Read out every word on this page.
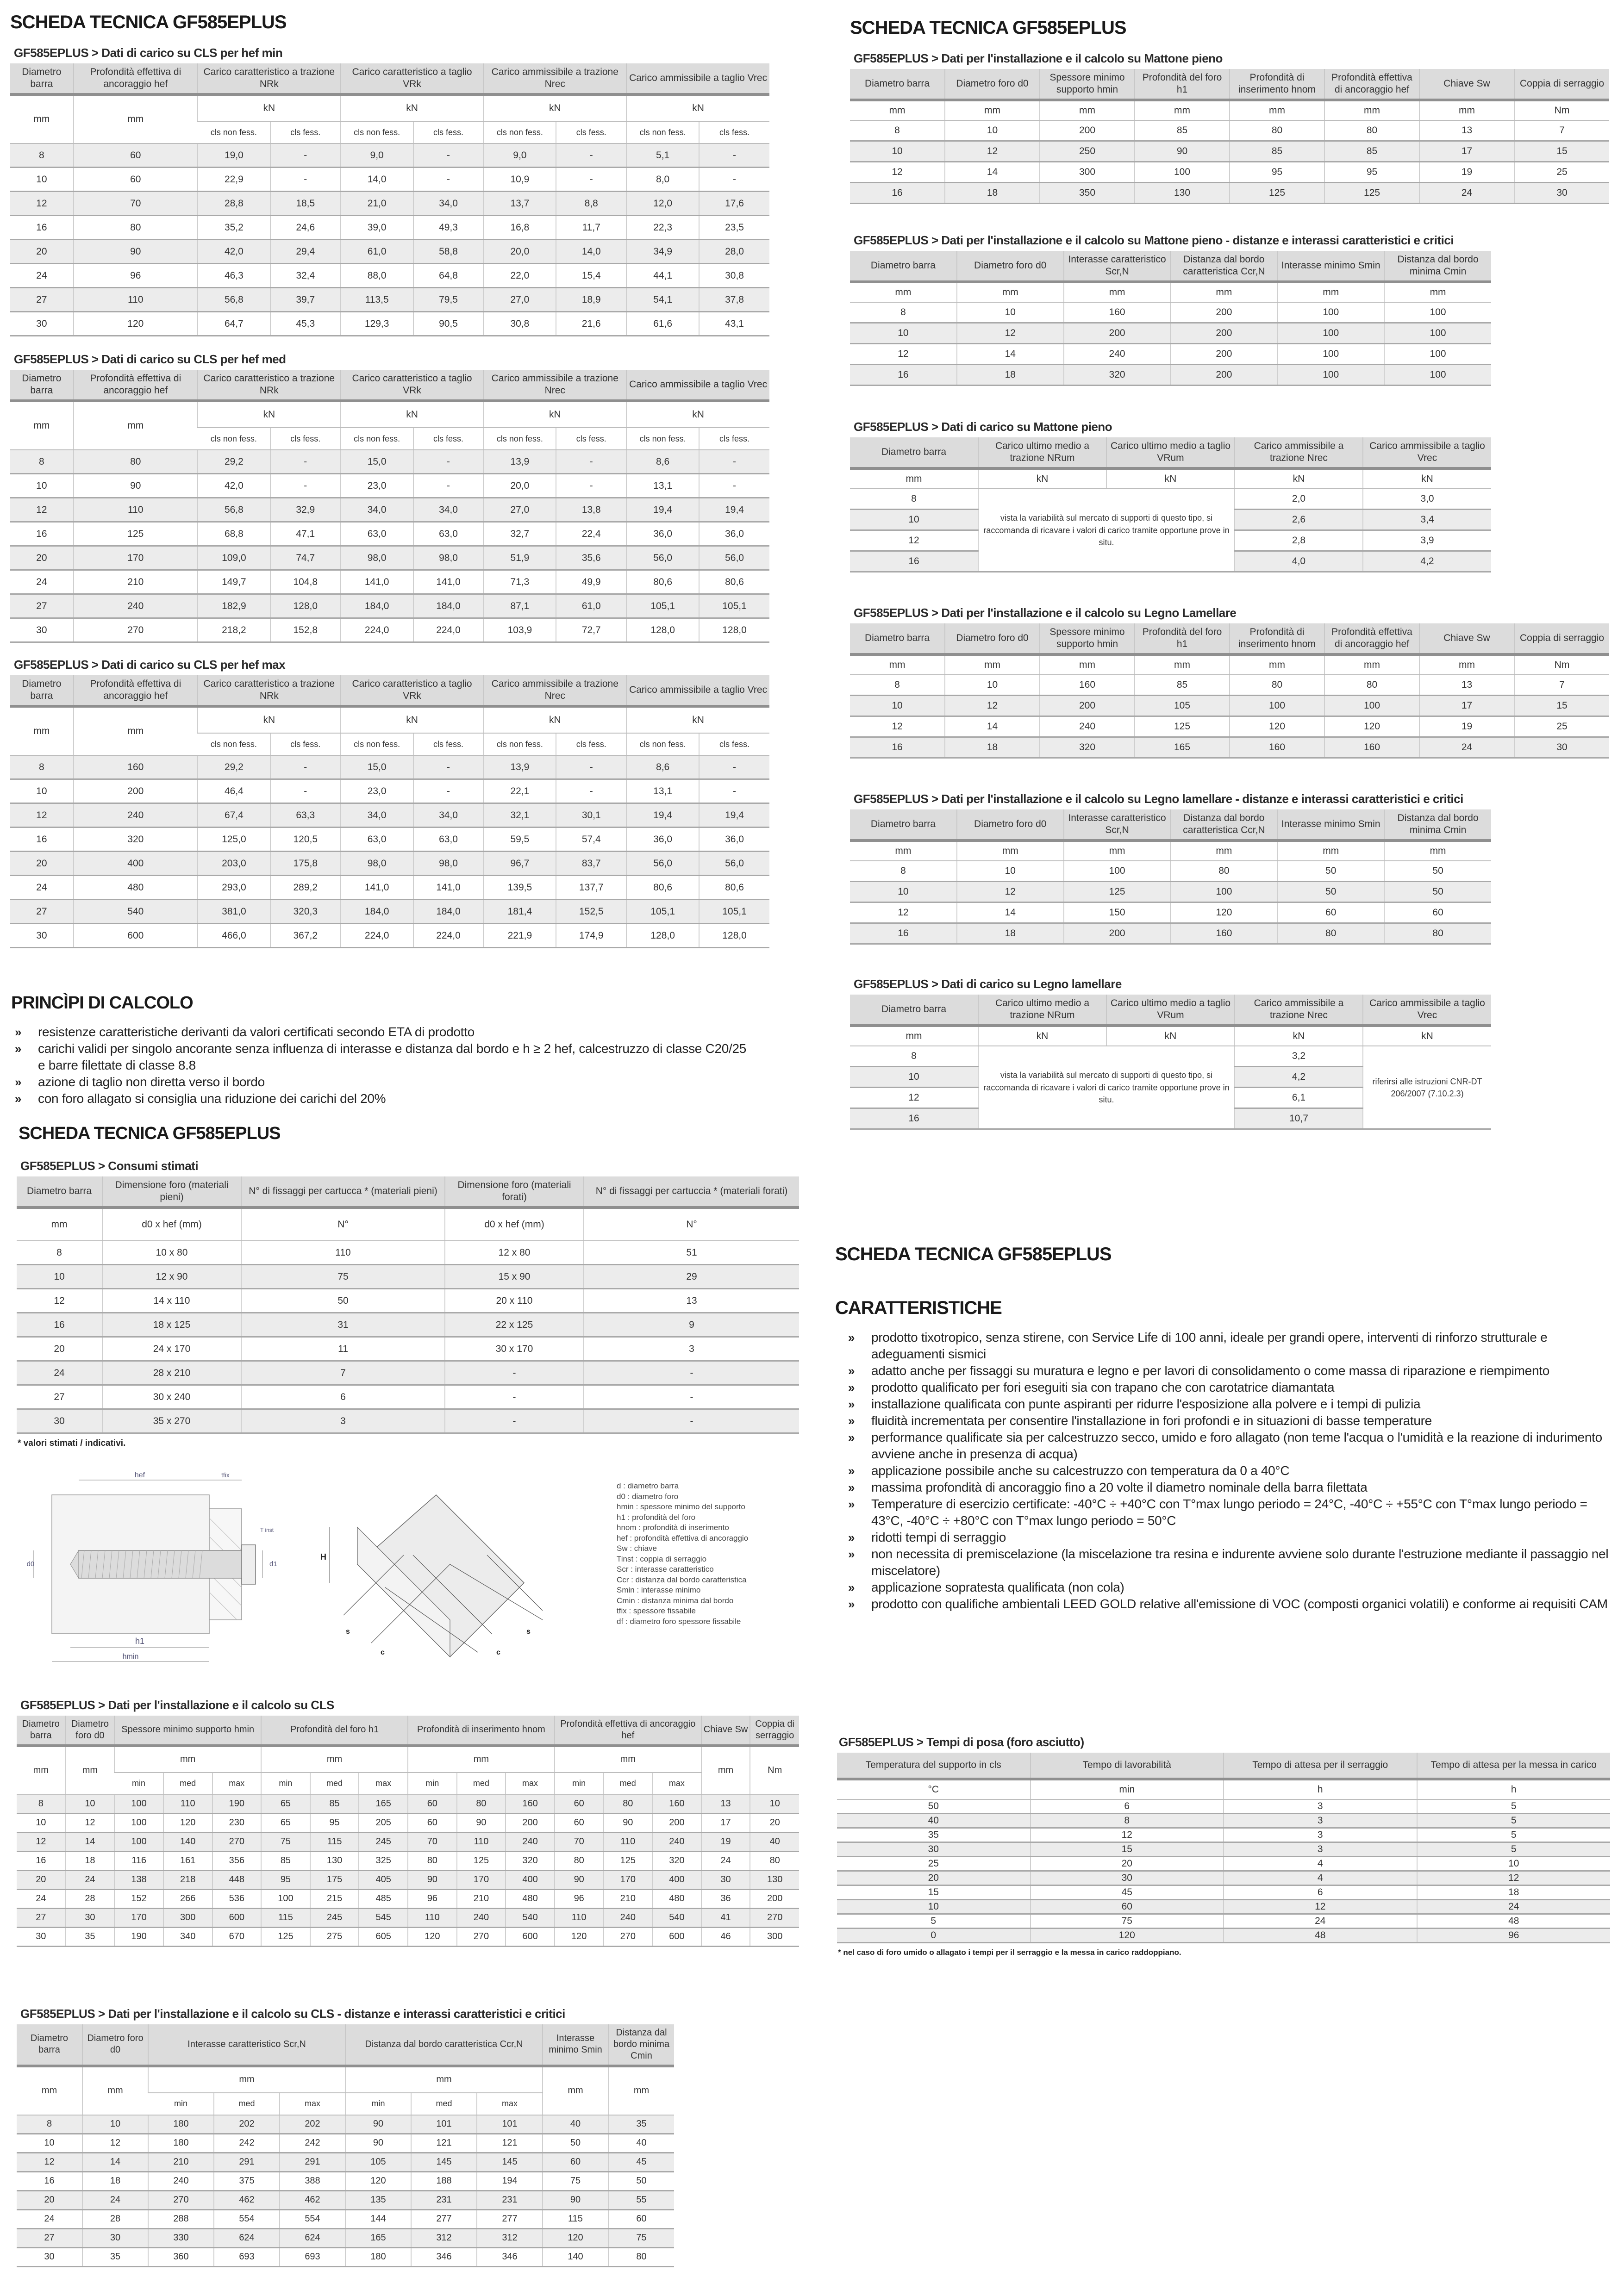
SCHEDA TECNICA GF585EPLUS

GF585EPLUS > Dati di carico su CLS per hef min

Diametro barra	Profondità effettiva di ancoraggio hef	Carico caratteristico a trazione NRk		Carico caratteristico a taglio VRk		Carico ammissibile a trazione Nrec		Carico ammissibile a taglio Vrec	
mm	mm	kN		kN		kN		kN	
		cls non fess.	cls fess.	cls non fess.	cls fess.	cls non fess.	cls fess.	cls non fess.	cls fess.
8	60	19,0	-	9,0	-	9,0	-	5,1	-
10	60	22,9	-	14,0	-	10,9	-	8,0	-
12	70	28,8	18,5	21,0	34,0	13,7	8,8	12,0	17,6
16	80	35,2	24,6	39,0	49,3	16,8	11,7	22,3	23,5
20	90	42,0	29,4	61,0	58,8	20,0	14,0	34,9	28,0
24	96	46,3	32,4	88,0	64,8	22,0	15,4	44,1	30,8
27	110	56,8	39,7	113,5	79,5	27,0	18,9	54,1	37,8
30	120	64,7	45,3	129,3	90,5	30,8	21,6	61,6	43,1

GF585EPLUS > Dati di carico su CLS per hef med

Diametro barra	Profondità effettiva di ancoraggio hef	Carico caratteristico a trazione NRk		Carico caratteristico a taglio VRk		Carico ammissibile a trazione Nrec		Carico ammissibile a taglio Vrec	
mm	mm	kN		kN		kN		kN	
		cls non fess.	cls fess.	cls non fess.	cls fess.	cls non fess.	cls fess.	cls non fess.	cls fess.
8	80	29,2	-	15,0	-	13,9	-	8,6	-
10	90	42,0	-	23,0	-	20,0	-	13,1	-
12	110	56,8	32,9	34,0	34,0	27,0	13,8	19,4	19,4
16	125	68,8	47,1	63,0	63,0	32,7	22,4	36,0	36,0
20	170	109,0	74,7	98,0	98,0	51,9	35,6	56,0	56,0
24	210	149,7	104,8	141,0	141,0	71,3	49,9	80,6	80,6
27	240	182,9	128,0	184,0	184,0	87,1	61,0	105,1	105,1
30	270	218,2	152,8	224,0	224,0	103,9	72,7	128,0	128,0

GF585EPLUS > Dati di carico su CLS per hef max

Diametro barra	Profondità effettiva di ancoraggio hef	Carico caratteristico a trazione NRk		Carico caratteristico a taglio VRk		Carico ammissibile a trazione Nrec		Carico ammissibile a taglio Vrec	
mm	mm	kN		kN		kN		kN	
		cls non fess.	cls fess.	cls non fess.	cls fess.	cls non fess.	cls fess.	cls non fess.	cls fess.
8	160	29,2	-	15,0	-	13,9	-	8,6	-
10	200	46,4	-	23,0	-	22,1	-	13,1	-
12	240	67,4	63,3	34,0	34,0	32,1	30,1	19,4	19,4
16	320	125,0	120,5	63,0	63,0	59,5	57,4	36,0	36,0
20	400	203,0	175,8	98,0	98,0	96,7	83,7	56,0	56,0
24	480	293,0	289,2	141,0	141,0	139,5	137,7	80,6	80,6
27	540	381,0	320,3	184,0	184,0	181,4	152,5	105,1	105,1
30	600	466,0	367,2	224,0	224,0	221,9	174,9	128,0	128,0
PRINCÌPI DI CALCOLO
» resistenze caratteristiche derivanti da valori certificati secondo ETA di prodotto
» carichi validi per singolo ancorante senza influenza di interasse e distanza dal bordo e h ≥ 2 hef, calcestruzzo di classe C20/25 e barre filettate di classe 8.8
» azione di taglio non diretta verso il bordo
» con foro allagato si consiglia una riduzione dei carichi del 20%
SCHEDA TECNICA GF585EPLUS

GF585EPLUS > Consumi stimati

Diametro barra	Dimensione foro (materiali pieni)	N° di fissaggi per cartucca * (materiali pieni)	Dimensione foro (materiali forati)	N° di fissaggi per cartuccia * (materiali forati)
mm	d0 x hef (mm)	N°	d0 x hef (mm)	N°
8	10 x 80	110	12 x 80	51
10	12 x 90	75	15 x 90	29
12	14 x 110	50	20 x 110	13
16	18 x 125	31	22 x 125	9
20	24 x 170	11	30 x 170	3
24	28 x 210	7	-	-
27	30 x 240	6	-	-
30	35 x 270	3	-	-
* valori stimati / indicativi.
hef	tfix
T inst
d0	d1
h1
hmin
H
s
c
s
c
d : diametro barra
d0 : diametro foro
hmin : spessore minimo del supporto
h1 : profondità del foro
hnom : profondità di inserimento
hef : profondità effettiva di ancoraggio
Sw : chiave
Tinst : coppia di serraggio
Scr : interasse caratteristico
Ccr : distanza dal bordo caratteristica
Smin : interasse minimo
Cmin : distanza minima dal bordo
tfix : spessore fissabile
df : diametro foro spessore fissabile

GF585EPLUS > Dati per l'installazione e il calcolo su CLS

Diametro barra	Diametro foro d0	Spessore minimo supporto hmin			Profondità del foro h1			Profondità di inserimento hnom			Profondità effettiva di ancoraggio hef			Chiave Sw	Coppia di serraggio
mm	mm	mm			mm			mm			mm			mm	Nm
		min	med	max	min	med	max	min	med	max	min	med	max		
8	10	100	110	190	65	85	165	60	80	160	60	80	160	13	10
10	12	100	120	230	65	95	205	60	90	200	60	90	200	17	20
12	14	100	140	270	75	115	245	70	110	240	70	110	240	19	40
16	18	116	161	356	85	130	325	80	125	320	80	125	320	24	80
20	24	138	218	448	95	175	405	90	170	400	90	170	400	30	130
24	28	152	266	536	100	215	485	96	210	480	96	210	480	36	200
27	30	170	300	600	115	245	545	110	240	540	110	240	540	41	270
30	35	190	340	670	125	275	605	120	270	600	120	270	600	46	300

GF585EPLUS > Dati per l'installazione e il calcolo su CLS - distanze e interassi caratteristici e critici

Diametro barra	Diametro foro d0	Interasse caratteristico Scr,N			Distanza dal bordo caratteristica Ccr,N			Interasse minimo Smin	Distanza dal bordo minima Cmin
mm	mm	mm			mm			mm	mm
		min	med	max	min	med	max		
8	10	180	202	202	90	101	101	40	35
10	12	180	242	242	90	121	121	50	40
12	14	210	291	291	105	145	145	60	45
16	18	240	375	388	120	188	194	75	50
20	24	270	462	462	135	231	231	90	55
24	28	288	554	554	144	277	277	115	60
27	30	330	624	624	165	312	312	120	75
30	35	360	693	693	180	346	346	140	80
SCHEDA TECNICA GF585EPLUS

GF585EPLUS > Dati per l'installazione e il calcolo su Mattone pieno

Diametro barra	Diametro foro d0	Spessore minimo supporto hmin	Profondità del foro h1	Profondità di inserimento hnom	Profondità effettiva di ancoraggio hef	Chiave Sw	Coppia di serraggio
mm	mm	mm	mm	mm	mm	mm	Nm
8	10	200	85	80	80	13	7
10	12	250	90	85	85	17	15
12	14	300	100	95	95	19	25
16	18	350	130	125	125	24	30

GF585EPLUS > Dati per l'installazione e il calcolo su Mattone pieno - distanze e interassi caratteristici e critici

Diametro barra	Diametro foro d0	Interasse caratteristico Scr,N	Distanza dal bordo caratteristica Ccr,N	Interasse minimo Smin	Distanza dal bordo minima Cmin
mm	mm	mm	mm	mm	mm
8	10	160	200	100	100
10	12	200	200	100	100
12	14	240	200	100	100
16	18	320	200	100	100

GF585EPLUS > Dati di carico su Mattone pieno

Diametro barra	Carico ultimo medio a trazione NRum	Carico ultimo medio a taglio VRum	Carico ammissibile a trazione Nrec	Carico ammissibile a taglio Vrec
mm	kN	kN	kN	kN
8	vista la variabilità sul mercato di supporti di questo tipo, si raccomanda di ricavare i valori di carico tramite opportune prove in situ.		2,0	3,0
10			2,6	3,4
12			2,8	3,9
16			4,0	4,2

GF585EPLUS > Dati per l'installazione e il calcolo su Legno Lamellare

Diametro barra	Diametro foro d0	Spessore minimo supporto hmin	Profondità del foro h1	Profondità di inserimento hnom	Profondità effettiva di ancoraggio hef	Chiave Sw	Coppia di serraggio
mm	mm	mm	mm	mm	mm	mm	Nm
8	10	160	85	80	80	13	7
10	12	200	105	100	100	17	15
12	14	240	125	120	120	19	25
16	18	320	165	160	160	24	30

GF585EPLUS > Dati per l'installazione e il calcolo su Legno lamellare - distanze e interassi caratteristici e critici

Diametro barra	Diametro foro d0	Interasse caratteristico Scr,N	Distanza dal bordo caratteristica Ccr,N	Interasse minimo Smin	Distanza dal bordo minima Cmin
mm	mm	mm	mm	mm	mm
8	10	100	80	50	50
10	12	125	100	50	50
12	14	150	120	60	60
16	18	200	160	80	80

GF585EPLUS > Dati di carico su Legno lamellare

Diametro barra	Carico ultimo medio a trazione NRum	Carico ultimo medio a taglio VRum	Carico ammissibile a trazione Nrec	Carico ammissibile a taglio Vrec
mm	kN	kN	kN	kN
8	vista la variabilità sul mercato di supporti di questo tipo, si raccomanda di ricavare i valori di carico tramite opportune prove in situ.		3,2	riferirsi alle istruzioni CNR-DT 206/2007 (7.10.2.3)
10			4,2	
12			6,1	
16			10,7	
SCHEDA TECNICA GF585EPLUS
CARATTERISTICHE
» prodotto tixotropico, senza stirene, con Service Life di 100 anni, ideale per grandi opere, interventi di rinforzo strutturale e adeguamenti sismici
» adatto anche per fissaggi su muratura e legno e per lavori di consolidamento o come massa di riparazione e riempimento
» prodotto qualificato per fori eseguiti sia con trapano che con carotatrice diamantata
» installazione qualificata con punte aspiranti per ridurre l'esposizione alla polvere e i tempi di pulizia
» fluidità incrementata per consentire l'installazione in fori profondi e in situazioni di basse temperature
» performance qualificate sia per calcestruzzo secco, umido e foro allagato (non teme l'acqua o l'umidità e la reazione di indurimento avviene anche in presenza di acqua)
» applicazione possibile anche su calcestruzzo con temperatura da 0 a 40°C
» massima profondità di ancoraggio fino a 20 volte il diametro nominale della barra filettata
» Temperature di esercizio certificate: -40°C ÷ +40°C con T°max lungo periodo = 24°C, -40°C ÷ +55°C con T°max lungo periodo = 43°C, -40°C ÷ +80°C con T°max lungo periodo = 50°C
» ridotti tempi di serraggio
» non necessita di premiscelazione (la miscelazione tra resina e indurente avviene solo durante l'estruzione mediante il passaggio nel miscelatore)
» applicazione sopratesta qualificata (non cola)
» prodotto con qualifiche ambientali LEED GOLD relative all'emissione di VOC (composti organici volatili) e conforme ai requisiti CAM

GF585EPLUS > Tempi di posa (foro asciutto)

Temperatura del supporto in cls	Tempo di lavorabilità	Tempo di attesa per il serraggio	Tempo di attesa per la messa in carico
°C	min	h	h
50	6	3	5
40	8	3	5
35	12	3	5
30	15	3	5
25	20	4	10
20	30	4	12
15	45	6	18
10	60	12	24
5	75	24	48
0	120	48	96
* nel caso di foro umido o allagato i tempi per il serraggio e la messa in carico raddoppiano.
